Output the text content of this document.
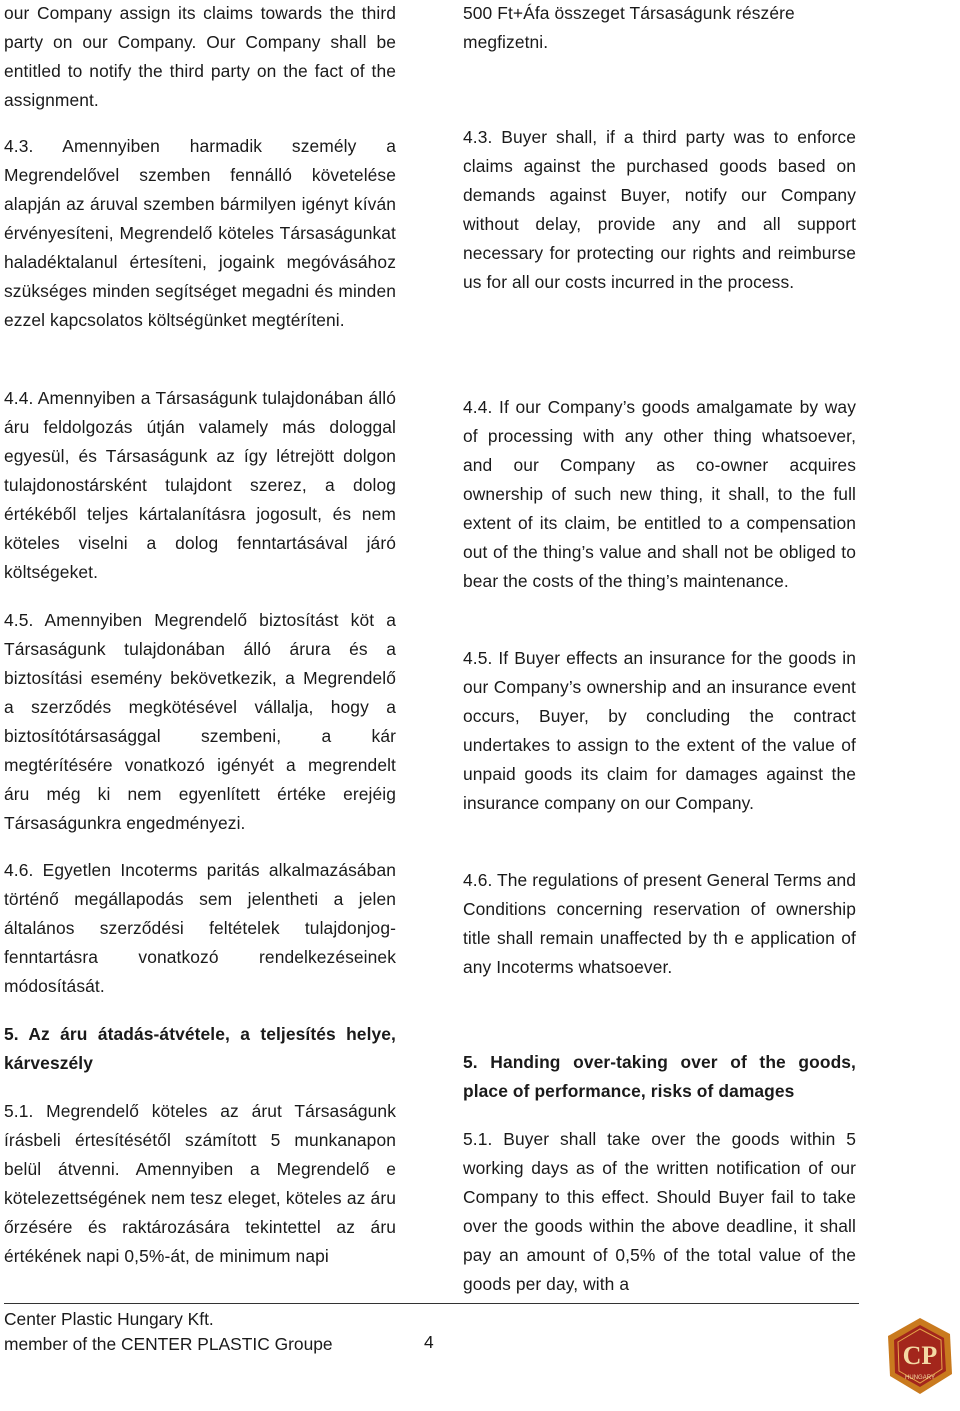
our Company assign its claims towards the third party on our Company. Our Company shall be entitled to notify the third party on the fact of the assignment.

4.3. Amennyiben harmadik személy a Megrendelővel szemben fennálló követelése alapján az áruval szemben bármilyen igényt kíván érvényesíteni, Megrendelő köteles Társaságunkat haladéktalanul értesíteni, jogaink megóvásához szükséges minden segítséget megadni és minden ezzel kapcsolatos költségünket megtéríteni.

4.4. Amennyiben a Társaságunk tulajdonában álló áru feldolgozás útján valamely más dologgal egyesül, és Társaságunk az így létrejött dolgon tulajdonostársként tulajdont szerez, a dolog értékéből teljes kártalanításra jogosult, és nem köteles viselni a dolog fenntartásával járó költségeket.

4.5. Amennyiben Megrendelő biztosítást köt a Társaságunk tulajdonában álló árura és a biztosítási esemény bekövetkezik, a Megrendelő a szerződés megkötésével vállalja, hogy a biztosítótársasággal szembeni, a kár megtérítésére vonatkozó igényét a megrendelt áru még ki nem egyenlített értéke erejéig Társaságunkra engedményezi.

4.6. Egyetlen Incoterms paritás alkalmazásában történő megállapodás sem jelentheti a jelen általános szerződési feltételek tulajdonjog-fenntartásra vonatkozó rendelkezéseinek módosítását.

5. Az áru átadás-átvétele, a teljesítés helye, kárveszély

5.1. Megrendelő köteles az árut Társaságunk írásbeli értesítésétől számított 5 munkanapon belül átvenni. Amennyiben a Megrendelő e kötelezettségének nem tesz eleget, köteles az áru őrzésére és raktározására tekintettel az áru értékének napi 0,5%-át, de minimum napi

500 Ft+Áfa összeget Társaságunk részére megfizetni.

4.3. Buyer shall, if a third party was to enforce claims against the purchased goods based on demands against Buyer, notify our Company without delay, provide any and all support necessary for protecting our rights and reimburse us for all our costs incurred in the process.

4.4. If our Company’s goods amalgamate by way of processing with any other thing whatsoever, and our Company as co-owner acquires ownership of such new thing, it shall, to the full extent of its claim, be entitled to a compensation out of the thing’s value and shall not be obliged to bear the costs of the thing’s maintenance.

4.5. If Buyer effects an insurance for the goods in our Company’s ownership and an insurance event occurs, Buyer, by concluding the contract undertakes to assign to the extent of the value of unpaid goods its claim for damages against the insurance company on our Company.

4.6. The regulations of present General Terms and Conditions concerning reservation of ownership title shall remain unaffected by th e application of any Incoterms whatsoever.

5. Handing over-taking over of the goods, place of performance, risks of damages

5.1. Buyer shall take over the goods within 5 working days as of the written notification of our Company to this effect. Should Buyer fail to take over the goods within the above deadline, it shall pay an amount of 0,5% of the total value of the goods per day, with a

Center Plastic Hungary Kft.
member of the CENTER PLASTIC Groupe	4	CP
HUNGARY
